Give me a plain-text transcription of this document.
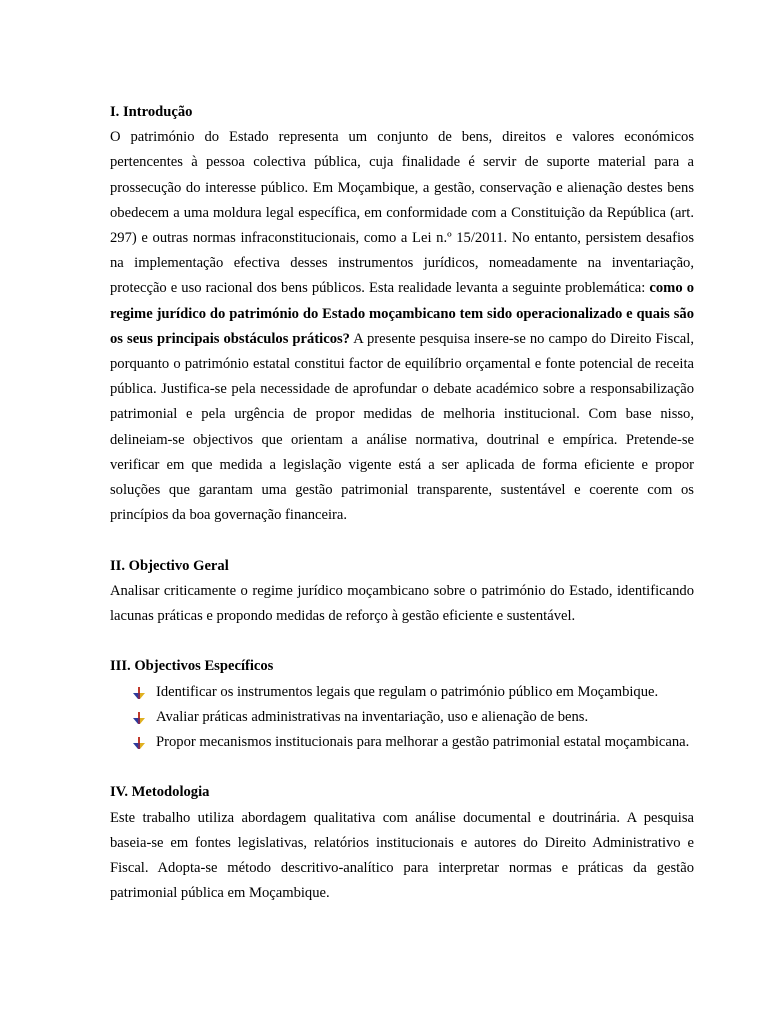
I. Introdução

O património do Estado representa um conjunto de bens, direitos e valores económicos pertencentes à pessoa colectiva pública, cuja finalidade é servir de suporte material para a prossecução do interesse público. Em Moçambique, a gestão, conservação e alienação destes bens obedecem a uma moldura legal específica, em conformidade com a Constituição da República (art. 297) e outras normas infraconstitucionais, como a Lei n.º 15/2011. No entanto, persistem desafios na implementação efectiva desses instrumentos jurídicos, nomeadamente na inventariação, protecção e uso racional dos bens públicos. Esta realidade levanta a seguinte problemática: como o regime jurídico do património do Estado moçambicano tem sido operacionalizado e quais são os seus principais obstáculos práticos? A presente pesquisa insere-se no campo do Direito Fiscal, porquanto o património estatal constitui factor de equilíbrio orçamental e fonte potencial de receita pública. Justifica-se pela necessidade de aprofundar o debate académico sobre a responsabilização patrimonial e pela urgência de propor medidas de melhoria institucional. Com base nisso, delineiam-se objectivos que orientam a análise normativa, doutrinal e empírica. Pretende-se verificar em que medida a legislação vigente está a ser aplicada de forma eficiente e propor soluções que garantam uma gestão patrimonial transparente, sustentável e coerente com os princípios da boa governação financeira.

II. Objectivo Geral

Analisar criticamente o regime jurídico moçambicano sobre o património do Estado, identificando lacunas práticas e propondo medidas de reforço à gestão eficiente e sustentável.

III. Objectivos Específicos

Identificar os instrumentos legais que regulam o património público em Moçambique.
Avaliar práticas administrativas na inventariação, uso e alienação de bens.
Propor mecanismos institucionais para melhorar a gestão patrimonial estatal moçambicana.

IV. Metodologia

Este trabalho utiliza abordagem qualitativa com análise documental e doutrinária. A pesquisa baseia-se em fontes legislativas, relatórios institucionais e autores do Direito Administrativo e Fiscal. Adopta-se método descritivo-analítico para interpretar normas e práticas da gestão patrimonial pública em Moçambique.
